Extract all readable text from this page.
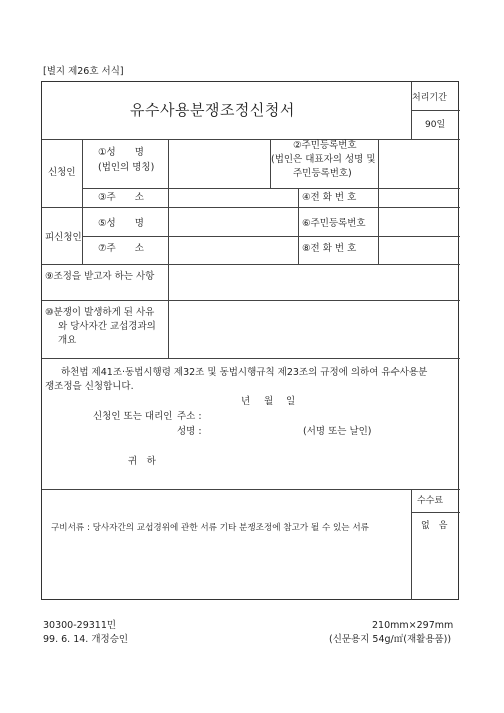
[별지 제26호 서식]
유수사용분쟁조정신청서
처리기간
90일
신청인
①성　　명
(법인의 명칭)
②주민등록번호
(법인은 대표자의 성명 및
주민등록번호)
③주　　소	④전 화 번 호
피신청인
⑤성　　명	⑥주민등록번호
⑦주　　소	⑧전 화 번 호
⑨조정을 받고자 하는 사항
⑩분쟁이 발생하게 된 사유
와 당사자간 교섭경과의
개요
하천법 제41조·동법시행령 제32조 및 동법시행규칙 제23조의 규정에 의하여 유수사용분
쟁조정을 신청합니다.
년 월 일
신청인 또는 대리인 주소 :
성명 :	(서명 또는 날인)
귀　하
구비서류 : 당사자간의 교섭경위에 관한 서류 기타 분쟁조정에 참고가 될 수 있는 서류
수수료
없　음
30300-29311민
99. 6. 14. 개정승인
210mm×297mm
(신문용지 54g/㎡(재활용품))
